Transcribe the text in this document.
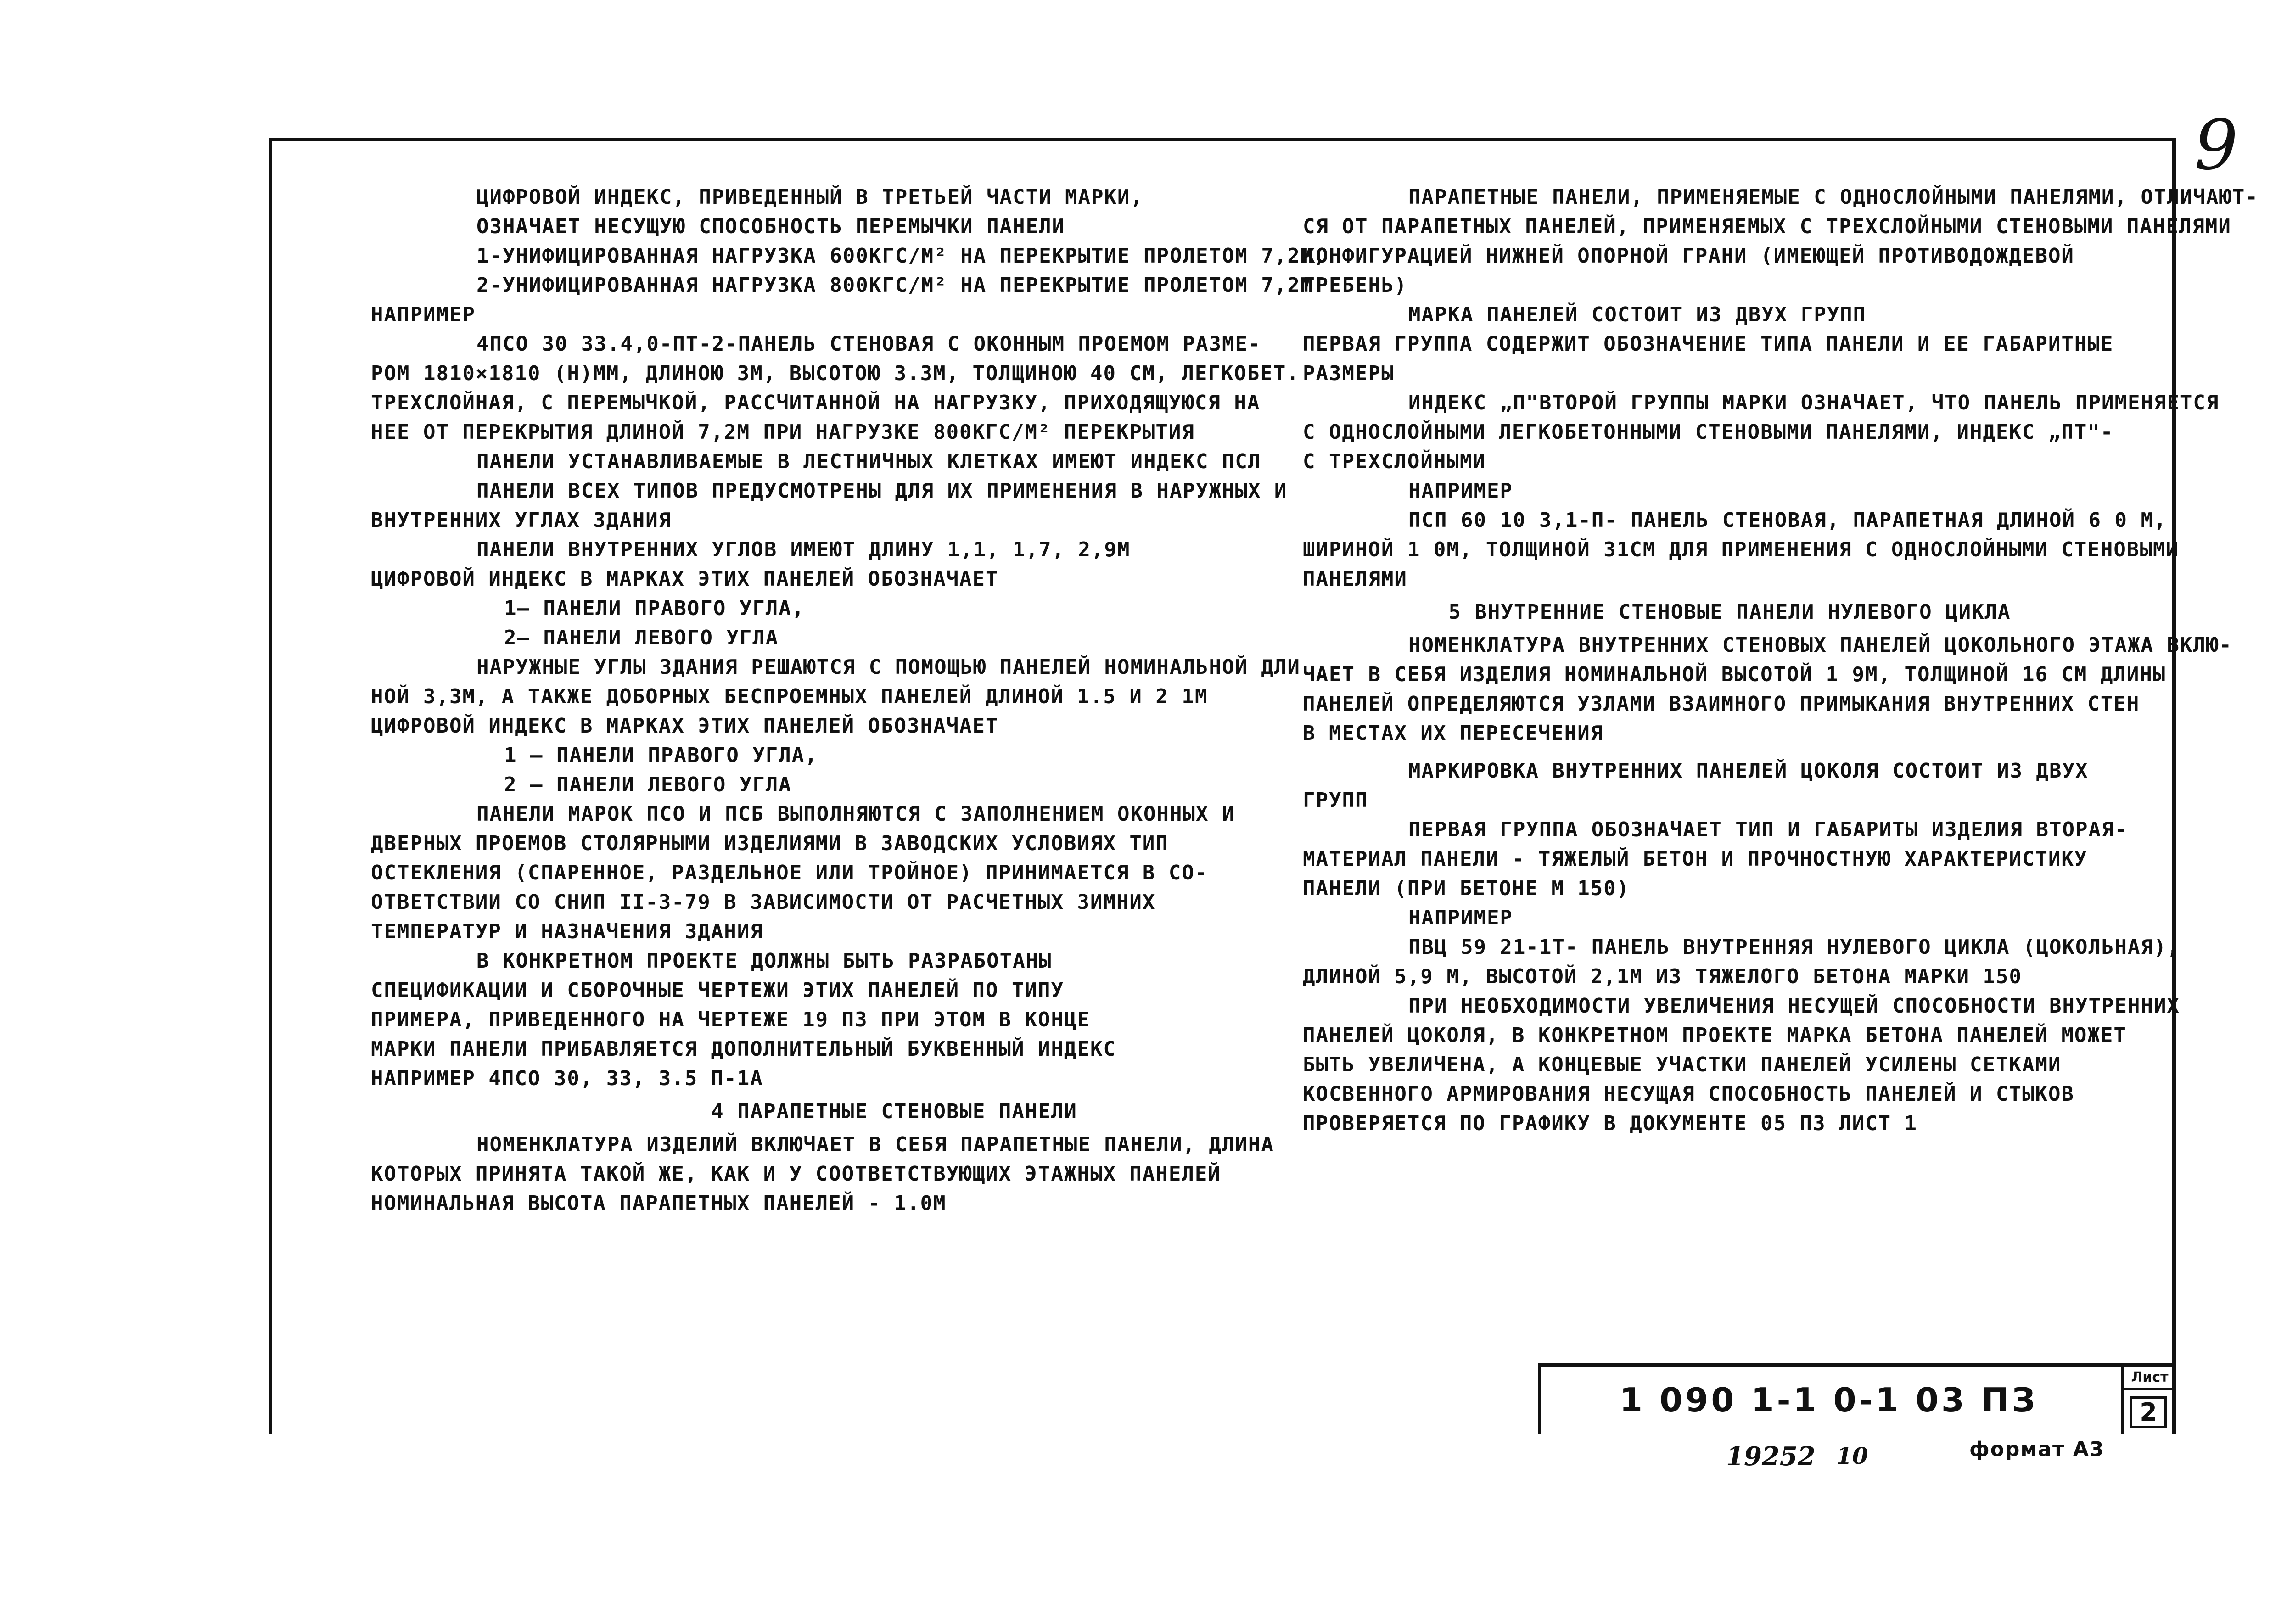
9
ЦИФРОВОЙ ИНДЕКС, ПРИВЕДЕННЫЙ В ТРЕТЬЕЙ ЧАСТИ МАРКИ,
ОЗНАЧАЕТ НЕСУЩУЮ СПОСОБНОСТЬ ПЕРЕМЫЧКИ ПАНЕЛИ
1-УНИФИЦИРОВАННАЯ НАГРУЗКА 600КГС/М² НА ПЕРЕКРЫТИЕ ПРОЛЕТОМ 7,2М,
2-УНИФИЦИРОВАННАЯ НАГРУЗКА 800КГС/М² НА ПЕРЕКРЫТИЕ ПРОЛЕТОМ 7,2М
НАПРИМЕР
4ПСО 30 33.4,0-ПТ-2-ПАНЕЛЬ СТЕНОВАЯ С ОКОННЫМ ПРОЕМОМ РАЗМЕ-
РОМ 1810×1810 (H)ММ, ДЛИНОЮ 3М, ВЫСОТОЮ 3.3М, ТОЛЩИНОЮ 40 СМ, ЛЕГКОБЕТ.
ТРЕХСЛОЙНАЯ, С ПЕРЕМЫЧКОЙ, РАССЧИТАННОЙ НА НАГРУЗКУ, ПРИХОДЯЩУЮСЯ НА
НЕЕ ОТ ПЕРЕКРЫТИЯ ДЛИНОЙ 7,2М ПРИ НАГРУЗКЕ 800КГС/М² ПЕРЕКРЫТИЯ
ПАНЕЛИ УСТАНАВЛИВАЕМЫЕ В ЛЕСТНИЧНЫХ КЛЕТКАХ ИМЕЮТ ИНДЕКС ПСЛ
ПАНЕЛИ ВСЕХ ТИПОВ ПРЕДУСМОТРЕНЫ ДЛЯ ИХ ПРИМЕНЕНИЯ В НАРУЖНЫХ И
ВНУТРЕННИХ УГЛАХ ЗДАНИЯ
ПАНЕЛИ ВНУТРЕННИХ УГЛОВ ИМЕЮТ ДЛИНУ 1,1, 1,7, 2,9М
ЦИФРОВОЙ ИНДЕКС В МАРКАХ ЭТИХ ПАНЕЛЕЙ ОБОЗНАЧАЕТ
1— ПАНЕЛИ ПРАВОГО УГЛА,
2— ПАНЕЛИ ЛЕВОГО УГЛА
НАРУЖНЫЕ УГЛЫ ЗДАНИЯ РЕШАЮТСЯ С ПОМОЩЬЮ ПАНЕЛЕЙ НОМИНАЛЬНОЙ ДЛИ
НОЙ 3,3М, А ТАКЖЕ ДОБОРНЫХ БЕСПРОЕМНЫХ ПАНЕЛЕЙ ДЛИНОЙ 1.5 И 2 1М
ЦИФРОВОЙ ИНДЕКС В МАРКАХ ЭТИХ ПАНЕЛЕЙ ОБОЗНАЧАЕТ
1 — ПАНЕЛИ ПРАВОГО УГЛА,
2 — ПАНЕЛИ ЛЕВОГО УГЛА
ПАНЕЛИ МАРОК ПСО И ПСБ ВЫПОЛНЯЮТСЯ С ЗАПОЛНЕНИЕМ ОКОННЫХ И
ДВЕРНЫХ ПРОЕМОВ СТОЛЯРНЫМИ ИЗДЕЛИЯМИ В ЗАВОДСКИХ УСЛОВИЯХ ТИП
ОСТЕКЛЕНИЯ (СПАРЕННОЕ, РАЗДЕЛЬНОЕ ИЛИ ТРОЙНОЕ) ПРИНИМАЕТСЯ В СО-
ОТВЕТСТВИИ СО СНИП II-3-79 В ЗАВИСИМОСТИ ОТ РАСЧЕТНЫХ ЗИМНИХ
ТЕМПЕРАТУР И НАЗНАЧЕНИЯ ЗДАНИЯ
В КОНКРЕТНОМ ПРОЕКТЕ ДОЛЖНЫ БЫТЬ РАЗРАБОТАНЫ
СПЕЦИФИКАЦИИ И СБОРОЧНЫЕ ЧЕРТЕЖИ ЭТИХ ПАНЕЛЕЙ ПО ТИПУ
ПРИМЕРА, ПРИВЕДЕННОГО НА ЧЕРТЕЖЕ 19 ПЗ ПРИ ЭТОМ В КОНЦЕ
МАРКИ ПАНЕЛИ ПРИБАВЛЯЕТСЯ ДОПОЛНИТЕЛЬНЫЙ БУКВЕННЫЙ ИНДЕКС
НАПРИМЕР 4ПСО 30, 33, 3.5 П-1А
4 ПАРАПЕТНЫЕ СТЕНОВЫЕ ПАНЕЛИ
НОМЕНКЛАТУРА ИЗДЕЛИЙ ВКЛЮЧАЕТ В СЕБЯ ПАРАПЕТНЫЕ ПАНЕЛИ, ДЛИНА
КОТОРЫХ ПРИНЯТА ТАКОЙ ЖЕ, КАК И У СООТВЕТСТВУЮЩИХ ЭТАЖНЫХ ПАНЕЛЕЙ
НОМИНАЛЬНАЯ ВЫСОТА ПАРАПЕТНЫХ ПАНЕЛЕЙ - 1.0М
ПАРАПЕТНЫЕ ПАНЕЛИ, ПРИМЕНЯЕМЫЕ С ОДНОСЛОЙНЫМИ ПАНЕЛЯМИ, ОТЛИЧАЮТ-
СЯ ОТ ПАРАПЕТНЫХ ПАНЕЛЕЙ, ПРИМЕНЯЕМЫХ С ТРЕХСЛОЙНЫМИ СТЕНОВЫМИ ПАНЕЛЯМИ
КОНФИГУРАЦИЕЙ НИЖНЕЙ ОПОРНОЙ ГРАНИ (ИМЕЮЩЕЙ ПРОТИВОДОЖДЕВОЙ
ГРЕБЕНЬ)
МАРКА ПАНЕЛЕЙ СОСТОИТ ИЗ ДВУХ ГРУПП
ПЕРВАЯ ГРУППА СОДЕРЖИТ ОБОЗНАЧЕНИЕ ТИПА ПАНЕЛИ И ЕЕ ГАБАРИТНЫЕ
РАЗМЕРЫ
ИНДЕКС „П"ВТОРОЙ ГРУППЫ МАРКИ ОЗНАЧАЕТ, ЧТО ПАНЕЛЬ ПРИМЕНЯЕТСЯ
С ОДНОСЛОЙНЫМИ ЛЕГКОБЕТОННЫМИ СТЕНОВЫМИ ПАНЕЛЯМИ, ИНДЕКС „ПТ"-
С ТРЕХСЛОЙНЫМИ
НАПРИМЕР
ПСП 60 10 3,1-П- ПАНЕЛЬ СТЕНОВАЯ, ПАРАПЕТНАЯ ДЛИНОЙ 6 0 М,
ШИРИНОЙ 1 0М, ТОЛЩИНОЙ 31СМ ДЛЯ ПРИМЕНЕНИЯ С ОДНОСЛОЙНЫМИ СТЕНОВЫМИ
ПАНЕЛЯМИ
5 ВНУТРЕННИЕ СТЕНОВЫЕ ПАНЕЛИ НУЛЕВОГО ЦИКЛА
НОМЕНКЛАТУРА ВНУТРЕННИХ СТЕНОВЫХ ПАНЕЛЕЙ ЦОКОЛЬНОГО ЭТАЖА ВКЛЮ-
ЧАЕТ В СЕБЯ ИЗДЕЛИЯ НОМИНАЛЬНОЙ ВЫСОТОЙ 1 9М, ТОЛЩИНОЙ 16 СМ ДЛИНЫ
ПАНЕЛЕЙ ОПРЕДЕЛЯЮТСЯ УЗЛАМИ ВЗАИМНОГО ПРИМЫКАНИЯ ВНУТРЕННИХ СТЕН
В МЕСТАХ ИХ ПЕРЕСЕЧЕНИЯ
МАРКИРОВКА ВНУТРЕННИХ ПАНЕЛЕЙ ЦОКОЛЯ СОСТОИТ ИЗ ДВУХ
ГРУПП
ПЕРВАЯ ГРУППА ОБОЗНАЧАЕТ ТИП И ГАБАРИТЫ ИЗДЕЛИЯ ВТОРАЯ-
МАТЕРИАЛ ПАНЕЛИ - ТЯЖЕЛЫЙ БЕТОН И ПРОЧНОСТНУЮ ХАРАКТЕРИСТИКУ
ПАНЕЛИ (ПРИ БЕТОНЕ М 150)
НАПРИМЕР
ПВЦ 59 21-1Т- ПАНЕЛЬ ВНУТРЕННЯЯ НУЛЕВОГО ЦИКЛА (ЦОКОЛЬНАЯ),
ДЛИНОЙ 5,9 М, ВЫСОТОЙ 2,1М ИЗ ТЯЖЕЛОГО БЕТОНА МАРКИ 150
ПРИ НЕОБХОДИМОСТИ УВЕЛИЧЕНИЯ НЕСУЩЕЙ СПОСОБНОСТИ ВНУТРЕННИХ
ПАНЕЛЕЙ ЦОКОЛЯ, В КОНКРЕТНОМ ПРОЕКТЕ МАРКА БЕТОНА ПАНЕЛЕЙ МОЖЕТ
БЫТЬ УВЕЛИЧЕНА, А КОНЦЕВЫЕ УЧАСТКИ ПАНЕЛЕЙ УСИЛЕНЫ СЕТКАМИ
КОСВЕННОГО АРМИРОВАНИЯ НЕСУЩАЯ СПОСОБНОСТЬ ПАНЕЛЕЙ И СТЫКОВ
ПРОВЕРЯЕТСЯ ПО ГРАФИКУ В ДОКУМЕНТЕ 05 ПЗ ЛИСТ 1
1 090 1-1 0-1 03 ПЗ
Лист
2
19252 10	формат А3
